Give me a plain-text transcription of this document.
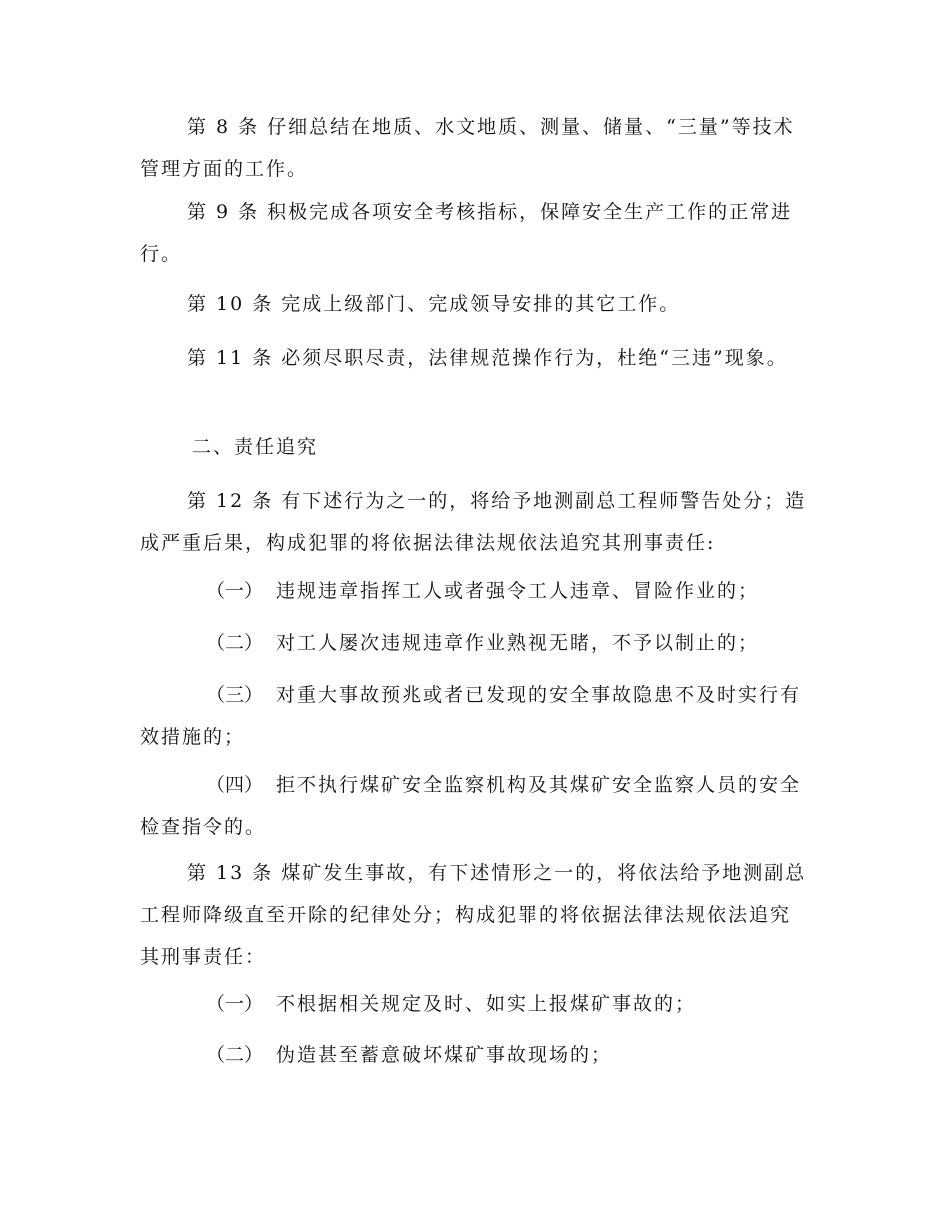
第 8 条 仔细总结在地质、水文地质、测量、储量、“三量”等技术管理方面的工作。

第 9 条 积极完成各项安全考核指标，保障安全生产工作的正常进行。

第 10 条 完成上级部门、完成领导安排的其它工作。

第 11 条 必须尽职尽责，法律规范操作行为，杜绝“三违”现象。

二、责任追究

第 12 条 有下述行为之一的，将给予地测副总工程师警告处分；造成严重后果，构成犯罪的将依据法律法规依法追究其刑事责任:

（一） 违规违章指挥工人或者强令工人违章、冒险作业的；

（二） 对工人屡次违规违章作业熟视无睹，不予以制止的；

（三） 对重大事故预兆或者已发现的安全事故隐患不及时实行有效措施的；

（四） 拒不执行煤矿安全监察机构及其煤矿安全监察人员的安全检查指令的。

第 13 条 煤矿发生事故，有下述情形之一的，将依法给予地测副总工程师降级直至开除的纪律处分；构成犯罪的将依据法律法规依法追究其刑事责任：

（一） 不根据相关规定及时、如实上报煤矿事故的；

（二） 伪造甚至蓄意破坏煤矿事故现场的；
